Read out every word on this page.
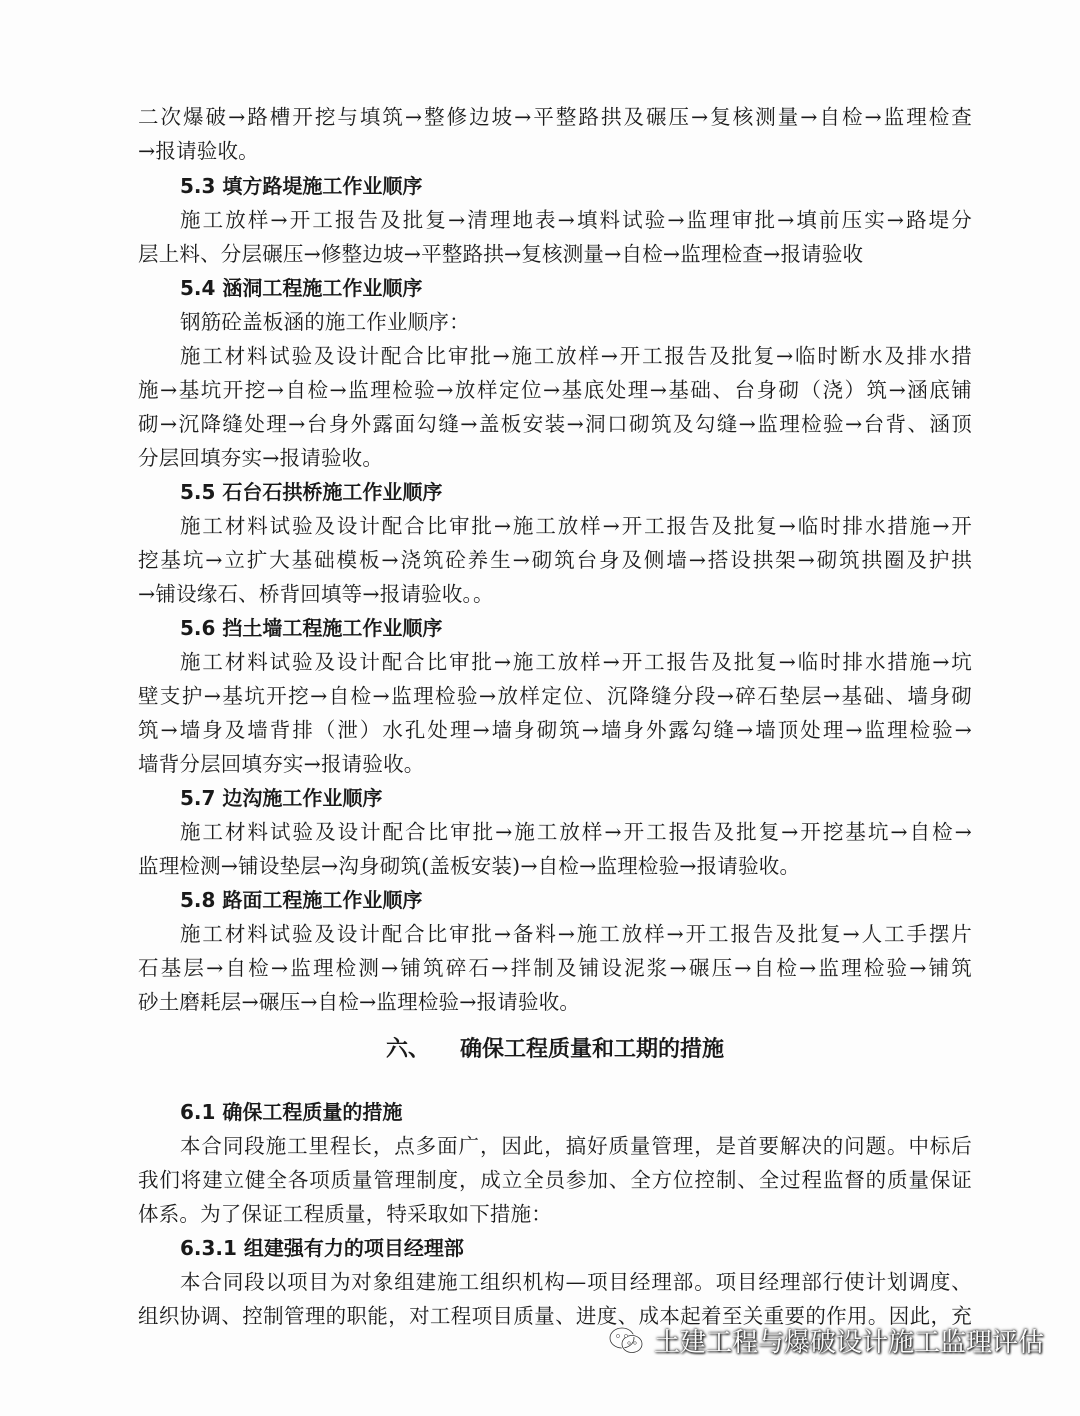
二次爆破→路槽开挖与填筑→整修边坡→平整路拱及碾压→复核测量→自检→监理检查
→报请验收。
5.3 填方路堤施工作业顺序
施工放样→开工报告及批复→清理地表→填料试验→监理审批→填前压实→路堤分
层上料、分层碾压→修整边坡→平整路拱→复核测量→自检→监理检查→报请验收
5.4 涵洞工程施工作业顺序
钢筋砼盖板涵的施工作业顺序：
施工材料试验及设计配合比审批→施工放样→开工报告及批复→临时断水及排水措
施→基坑开挖→自检→监理检验→放样定位→基底处理→基础、台身砌（浇）筑→涵底铺
砌→沉降缝处理→台身外露面勾缝→盖板安装→洞口砌筑及勾缝→监理检验→台背、涵顶
分层回填夯实→报请验收。
5.5 石台石拱桥施工作业顺序
施工材料试验及设计配合比审批→施工放样→开工报告及批复→临时排水措施→开
挖基坑→立扩大基础模板→浇筑砼养生→砌筑台身及侧墙→搭设拱架→砌筑拱圈及护拱
→铺设缘石、桥背回填等→报请验收。。
5.6 挡土墙工程施工作业顺序
施工材料试验及设计配合比审批→施工放样→开工报告及批复→临时排水措施→坑
壁支护→基坑开挖→自检→监理检验→放样定位、沉降缝分段→碎石垫层→基础、墙身砌
筑→墙身及墙背排（泄）水孔处理→墙身砌筑→墙身外露勾缝→墙顶处理→监理检验→
墙背分层回填夯实→报请验收。
5.7 边沟施工作业顺序
施工材料试验及设计配合比审批→施工放样→开工报告及批复→开挖基坑→自检→
监理检测→铺设垫层→沟身砌筑(盖板安装)→自检→监理检验→报请验收。
5.8 路面工程施工作业顺序
施工材料试验及设计配合比审批→备料→施工放样→开工报告及批复→人工手摆片
石基层→自检→监理检测→铺筑碎石→拌制及铺设泥浆→碾压→自检→监理检验→铺筑
砂土磨耗层→碾压→自检→监理检验→报请验收。
六、 确保工程质量和工期的措施
6.1 确保工程质量的措施
本合同段施工里程长，点多面广，因此，搞好质量管理，是首要解决的问题。中标后
我们将建立健全各项质量管理制度，成立全员参加、全方位控制、全过程监督的质量保证
体系。为了保证工程质量，特采取如下措施：
6.3.1 组建强有力的项目经理部
本合同段以项目为对象组建施工组织机构—项目经理部。项目经理部行使计划调度、
组织协调、控制管理的职能，对工程项目质量、进度、成本起着至关重要的作用。因此，充
土建工程与爆破设计施工监理评估
